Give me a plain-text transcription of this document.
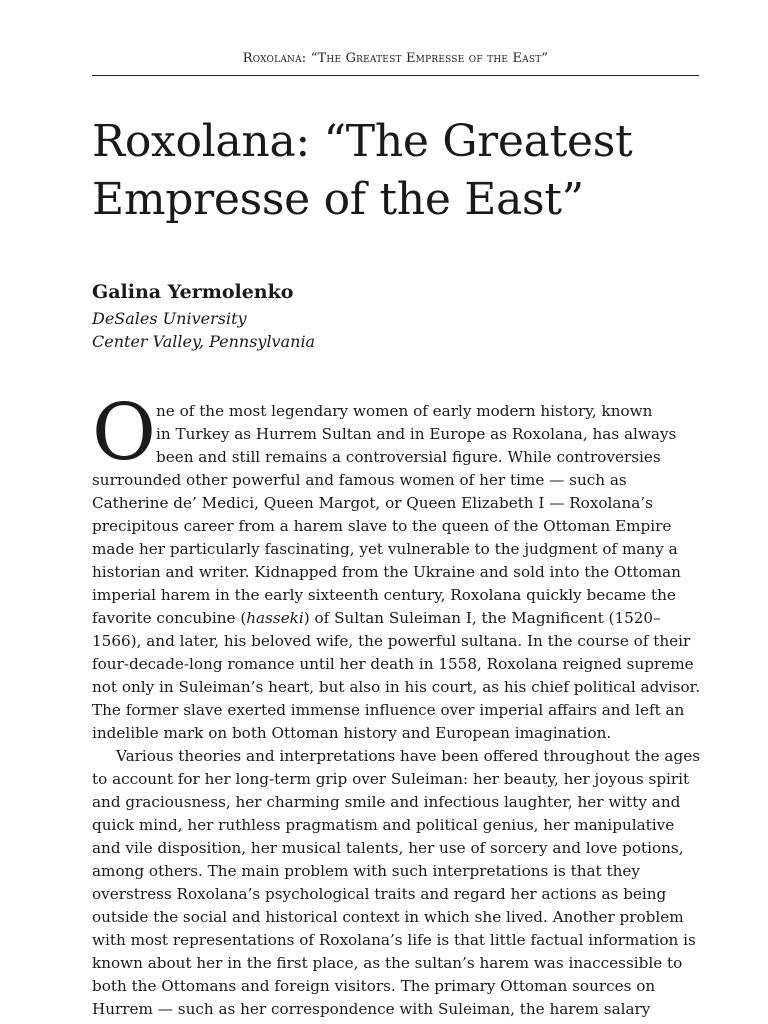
Roxolana: “The Greatest Empresse of the East”
Roxolana: “The Greatest
Empresse of the East”
Galina Yermolenko
DeSales University
Center Valley, Pennsylvania
O ne of the most legendary women of early modern history, known
in Turkey as Hurrem Sultan and in Europe as Roxolana, has always
been and still remains a controversial figure. While controversies
surrounded other powerful and famous women of her time — such as
Catherine de’ Medici, Queen Margot, or Queen Elizabeth I — Roxolana’s
precipitous career from a harem slave to the queen of the Ottoman Empire
made her particularly fascinating, yet vulnerable to the judgment of many a
historian and writer. Kidnapped from the Ukraine and sold into the Ottoman
imperial harem in the early sixteenth century, Roxolana quickly became the
favorite concubine (hasseki) of Sultan Suleiman I, the Magnificent (1520–
1566), and later, his beloved wife, the powerful sultana. In the course of their
four-decade-long romance until her death in 1558, Roxolana reigned supreme
not only in Suleiman’s heart, but also in his court, as his chief political advisor.
The former slave exerted immense influence over imperial affairs and left an
indelible mark on both Ottoman history and European imagination.
Various theories and interpretations have been offered throughout the ages
to account for her long-term grip over Suleiman: her beauty, her joyous spirit
and graciousness, her charming smile and infectious laughter, her witty and
quick mind, her ruthless pragmatism and political genius, her manipulative
and vile disposition, her musical talents, her use of sorcery and love potions,
among others. The main problem with such interpretations is that they
overstress Roxolana’s psychological traits and regard her actions as being
outside the social and historical context in which she lived. Another problem
with most representations of Roxolana’s life is that little factual information is
known about her in the first place, as the sultan’s harem was inaccessible to
both the Ottomans and foreign visitors. The primary Ottoman sources on
Hurrem — such as her correspondence with Suleiman, the harem salary
